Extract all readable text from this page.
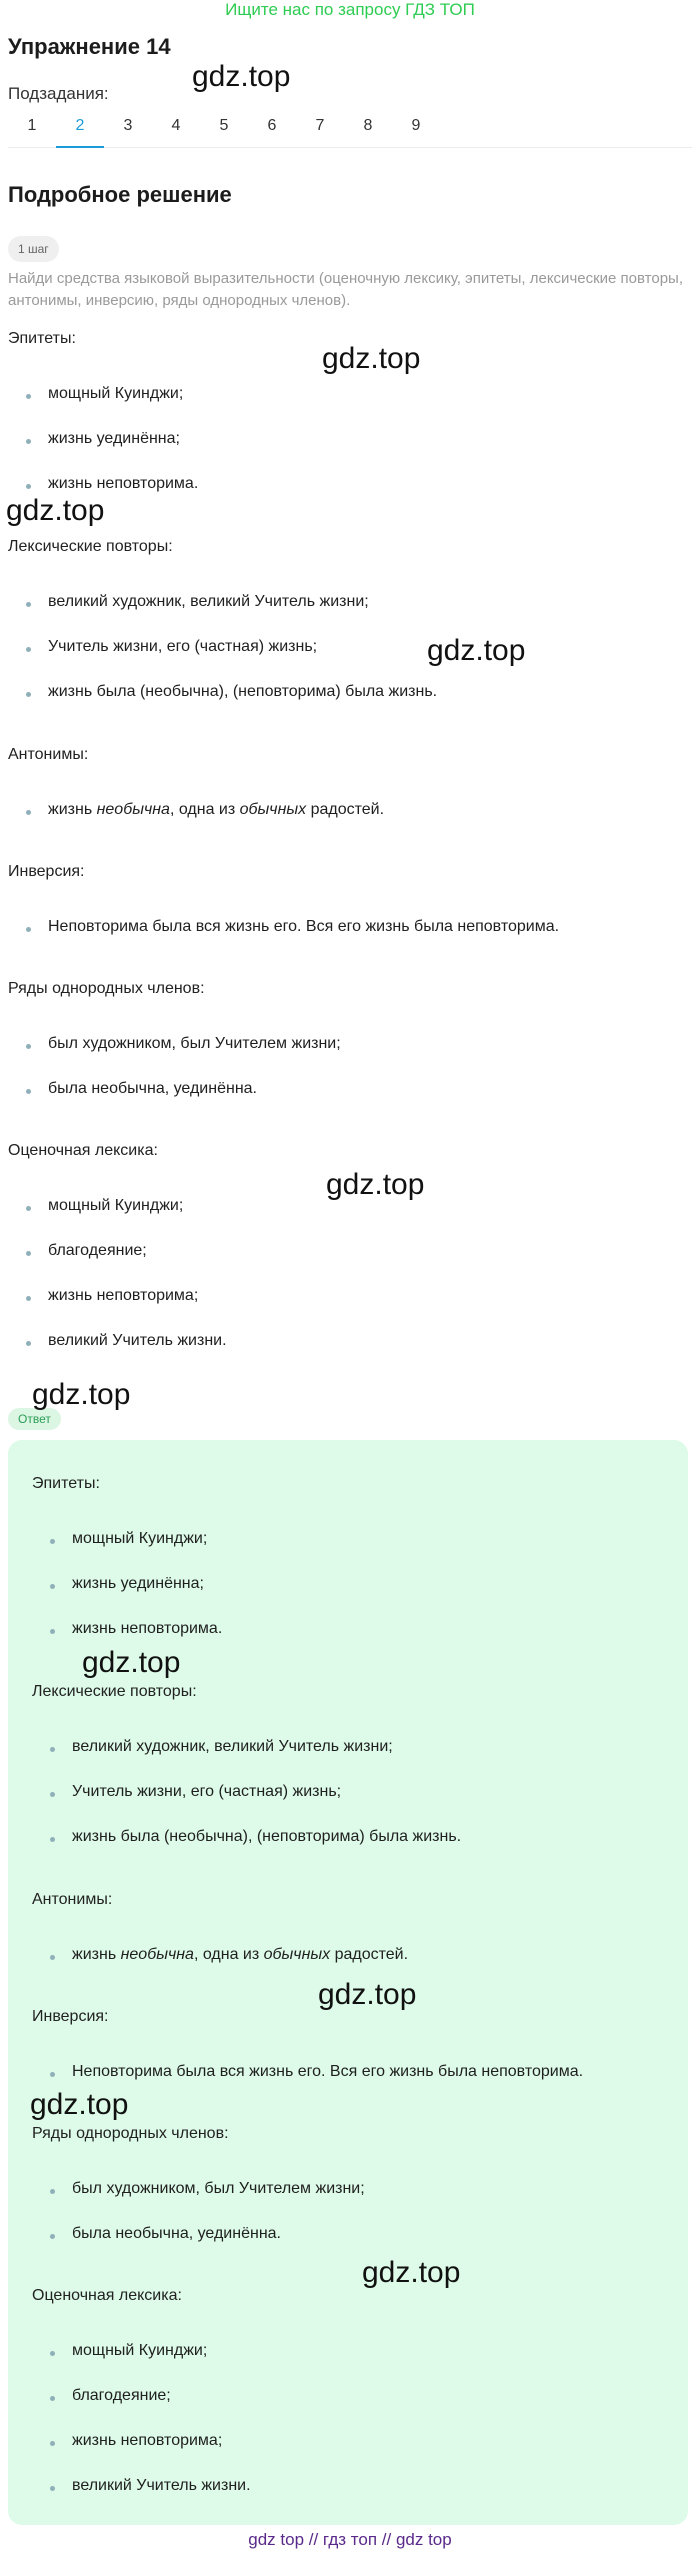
Ищите нас по запросу ГДЗ ТОП
Упражнение 14
Подзадания:
1	2	3	4	5	6	7	8	9
Подробное решение
1 шаг
Найди средства языковой выразительности (оценочную лексику, эпитеты, лексические повторы, антонимы, инверсию, ряды однородных членов).
Эпитеты:
мощный Куинджи;
жизнь уединённа;
жизнь неповторима.
Лексические повторы:
великий художник, великий Учитель жизни;
Учитель жизни, его (частная) жизнь;
жизнь была (необычна), (неповторима) была жизнь.
Антонимы:
жизнь необычна, одна из обычных радостей.
Инверсия:
Неповторима была вся жизнь его. Вся его жизнь была неповторима.
Ряды однородных членов:
был художником, был Учителем жизни;
была необычна, уединённа.
Оценочная лексика:
мощный Куинджи;
благодеяние;
жизнь неповторима;
великий Учитель жизни.
Ответ
Эпитеты:
мощный Куинджи;
жизнь уединённа;
жизнь неповторима.
Лексические повторы:
великий художник, великий Учитель жизни;
Учитель жизни, его (частная) жизнь;
жизнь была (необычна), (неповторима) была жизнь.
Антонимы:
жизнь необычна, одна из обычных радостей.
Инверсия:
Неповторима была вся жизнь его. Вся его жизнь была неповторима.
Ряды однородных членов:
был художником, был Учителем жизни;
была необычна, уединённа.
Оценочная лексика:
мощный Куинджи;
благодеяние;
жизнь неповторима;
великий Учитель жизни.
gdz.top
gdz.top
gdz.top
gdz.top
gdz.top
gdz.top
gdz.top
gdz.top
gdz.top
gdz.top
gdz top // гдз топ // gdz top
